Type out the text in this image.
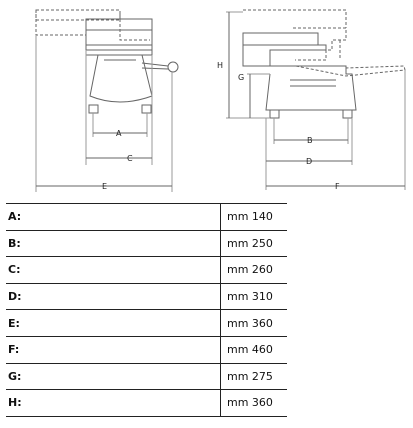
A
C
E
H
G
B
D
F
A:	mm 140
B:	mm 250
C:	mm 260
D:	mm 310
E:	mm 360
F:	mm 460
G:	mm 275
H:	mm 360
